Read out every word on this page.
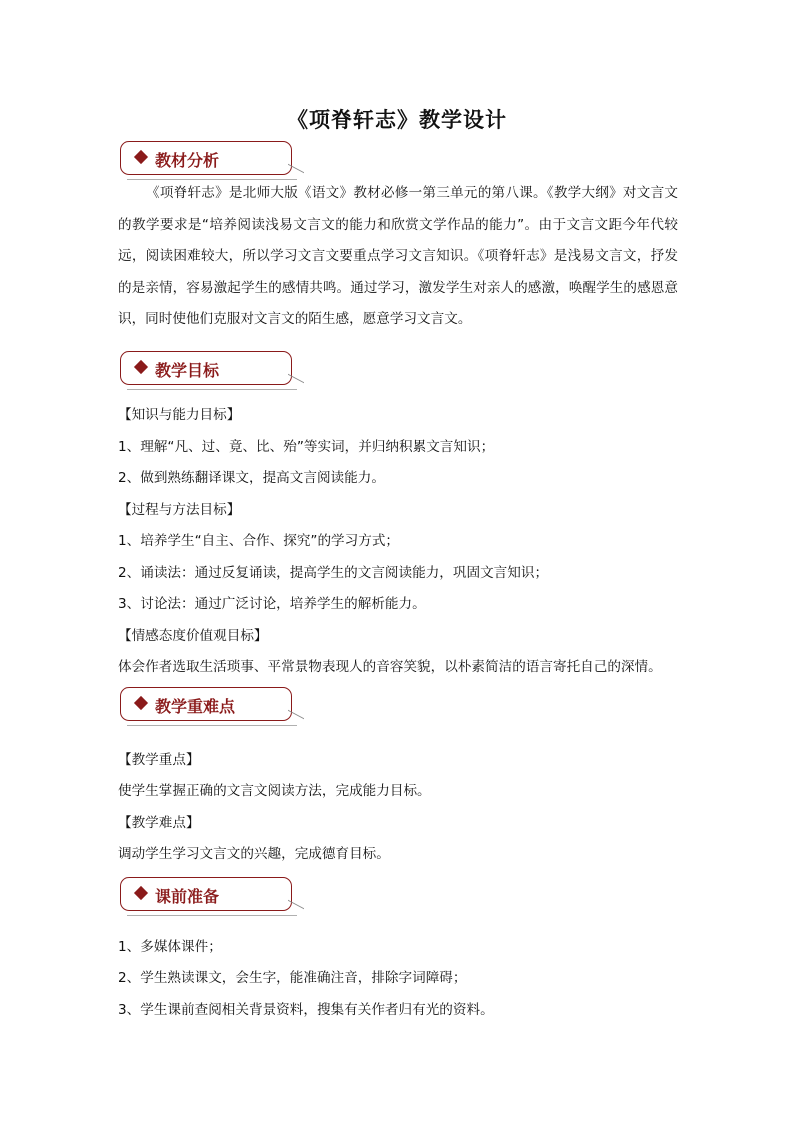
《项脊轩志》教学设计
教材分析
《项脊轩志》是北师大版《语文》教材必修一第三单元的第八课。《教学大纲》对文言文的教学要求是“培养阅读浅易文言文的能力和欣赏文学作品的能力”。由于文言文距今年代较远，阅读困难较大，所以学习文言文要重点学习文言知识。《项脊轩志》是浅易文言文，抒发的是亲情，容易激起学生的感情共鸣。通过学习，激发学生对亲人的感激，唤醒学生的感恩意识，同时使他们克服对文言文的陌生感，愿意学习文言文。
教学目标
【知识与能力目标】
1、理解“凡、过、竟、比、殆”等实词，并归纳积累文言知识；
2、做到熟练翻译课文，提高文言阅读能力。
【过程与方法目标】
1、培养学生“自主、合作、探究”的学习方式；
2、诵读法：通过反复诵读，提高学生的文言阅读能力，巩固文言知识；
3、讨论法：通过广泛讨论，培养学生的解析能力。
【情感态度价值观目标】
体会作者选取生活琐事、平常景物表现人的音容笑貌，以朴素简洁的语言寄托自己的深情。
教学重难点
【教学重点】
使学生掌握正确的文言文阅读方法，完成能力目标。
【教学难点】
调动学生学习文言文的兴趣，完成德育目标。
课前准备
1、多媒体课件；
2、学生熟读课文，会生字，能准确注音，排除字词障碍；
3、学生课前查阅相关背景资料，搜集有关作者归有光的资料。
